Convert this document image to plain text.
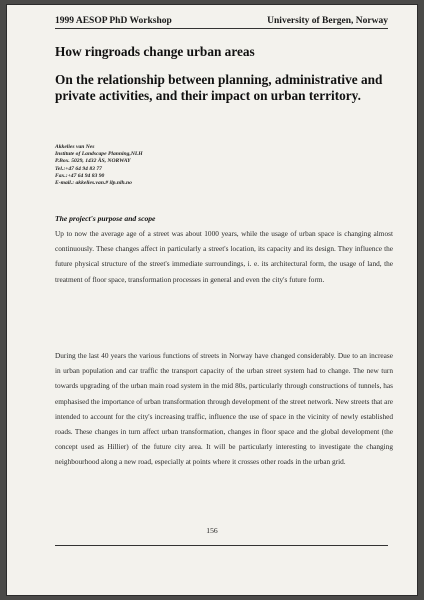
1999 AESOP PhD Workshop	University of Bergen, Norway
How ringroads change urban areas
On the relationship between planning, administrative and private activities, and their impact on urban territory.
Akkelies van Nes
Institute of Landscape Planning,NLH
P.Box. 5029, 1432 ÅS, NORWAY
Tel.:+47 64 94 83 77
Fax.:+47 64 94 83 90
E-mail.: akkelies.van.# ilp.nlh.no
The project's purpose and scope

Up to now the average age of a street was about 1000 years, while the usage of urban space is changing almost continuously. These changes affect in particularly a street's location, its capacity and its design. They influence the future physical structure of the street's immediate surroundings, i. e. its architectural form, the usage of land, the treatment of floor space, transformation processes in general and even the city's future form.

During the last 40 years the various functions of streets in Norway have changed considerably. Due to an increase in urban population and car traffic the transport capacity of the urban street system had to change. The new turn towards upgrading of the urban main road system in the mid 80s, particularly through constructions of tunnels, has emphasised the importance of urban transformation through development of the street network. New streets that are intended to account for the city's increasing traffic, influence the use of space in the vicinity of newly established roads. These changes in turn affect urban transformation, changes in floor space and the global development (the concept used as Hillier) of the future city area. It will be particularly interesting to investigate the changing neighbourhood along a new road, especially at points where it crosses other roads in the urban grid.

156
